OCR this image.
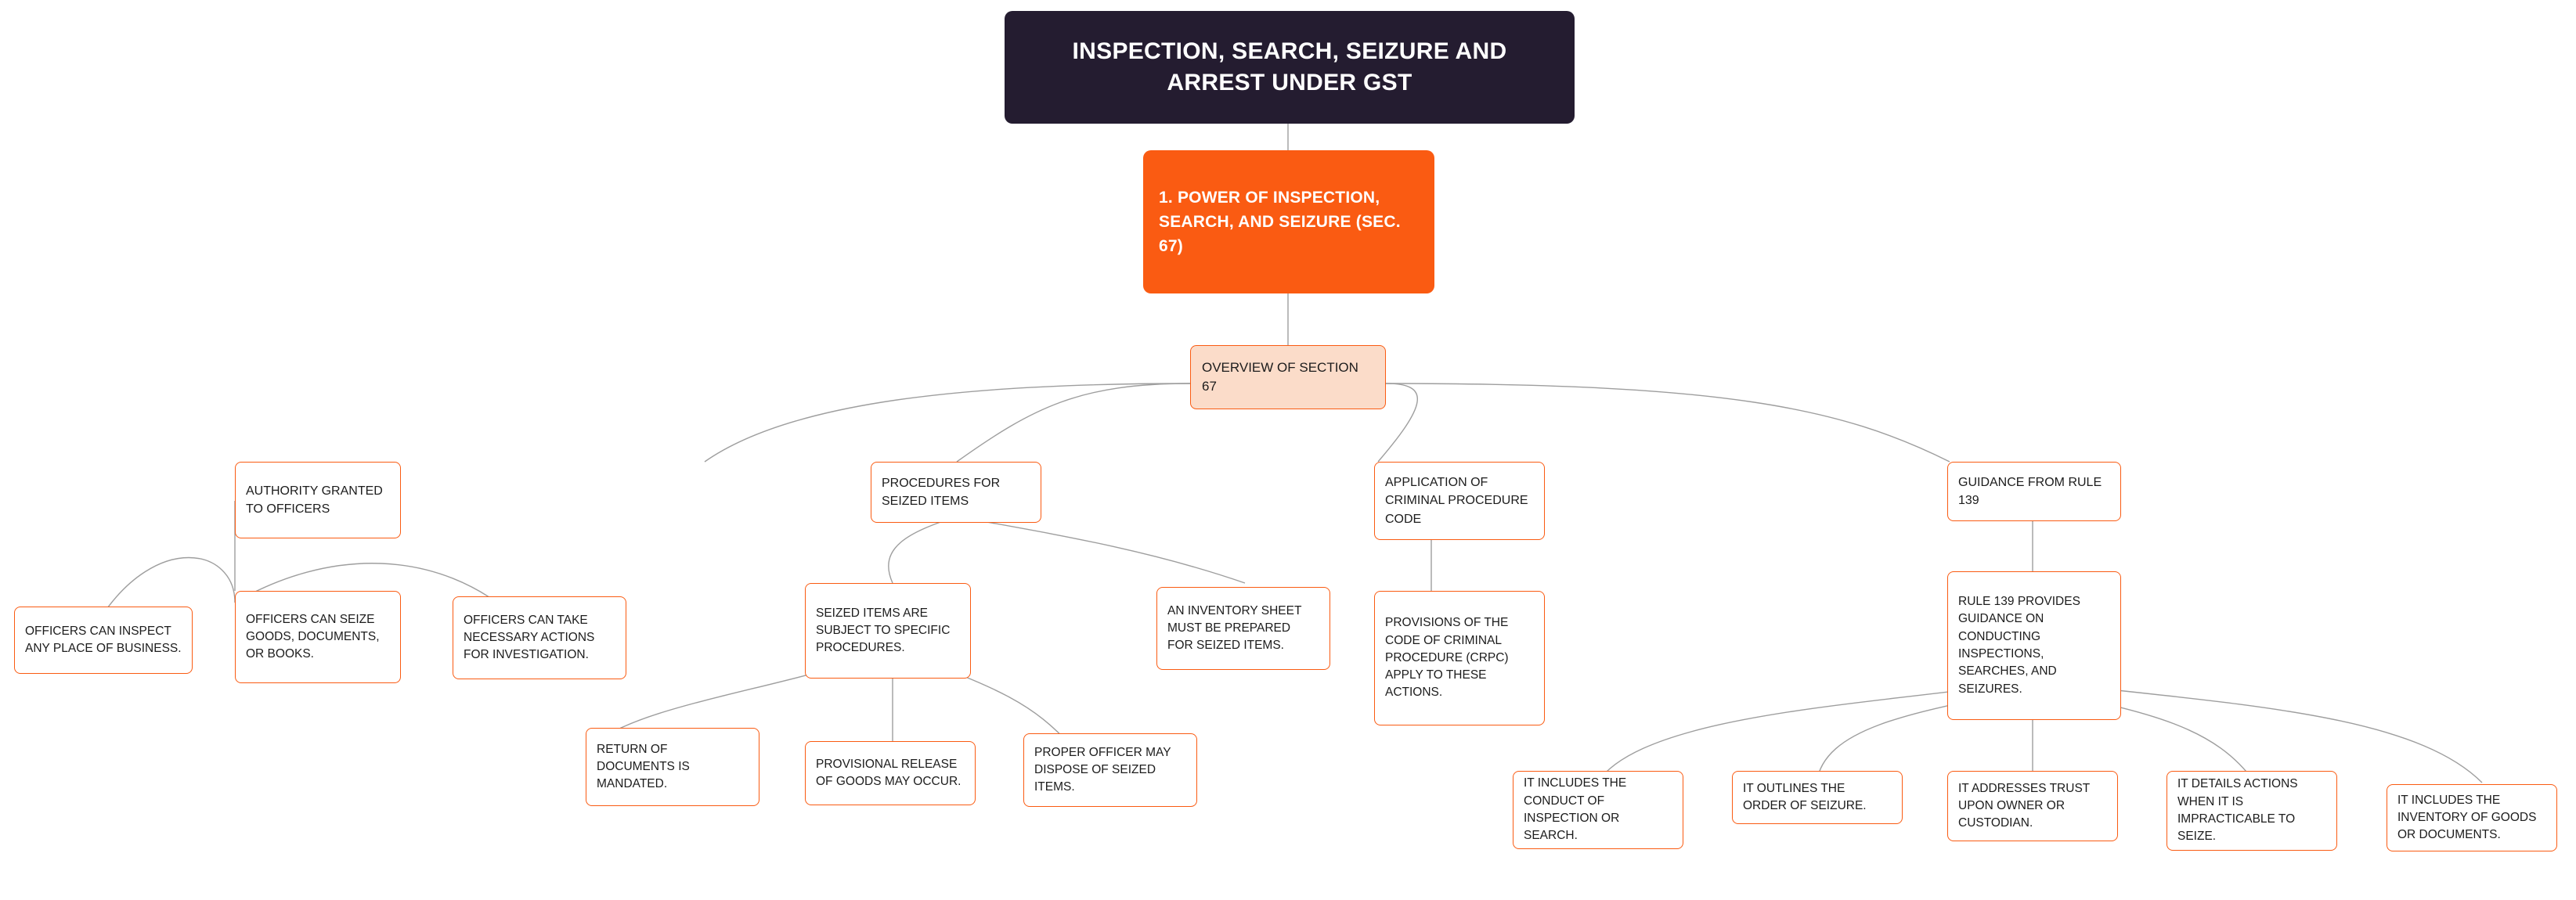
INSPECTION, SEARCH, SEIZURE AND ARREST UNDER GST
1. POWER OF INSPECTION, SEARCH, AND SEIZURE (SEC. 67)
OVERVIEW OF SECTION 67
AUTHORITY GRANTED TO OFFICERS
OFFICERS CAN INSPECT ANY PLACE OF BUSINESS.
OFFICERS CAN SEIZE GOODS, DOCUMENTS, OR BOOKS.
OFFICERS CAN TAKE NECESSARY ACTIONS FOR INVESTIGATION.
PROCEDURES FOR SEIZED ITEMS
SEIZED ITEMS ARE SUBJECT TO SPECIFIC PROCEDURES.
RETURN OF DOCUMENTS IS MANDATED.
PROVISIONAL RELEASE OF GOODS MAY OCCUR.
PROPER OFFICER MAY DISPOSE OF SEIZED ITEMS.
AN INVENTORY SHEET MUST BE PREPARED FOR SEIZED ITEMS.
APPLICATION OF CRIMINAL PROCEDURE CODE
PROVISIONS OF THE CODE OF CRIMINAL PROCEDURE (CRPC) APPLY TO THESE ACTIONS.
GUIDANCE FROM RULE 139
RULE 139 PROVIDES GUIDANCE ON CONDUCTING INSPECTIONS, SEARCHES, AND SEIZURES.
IT INCLUDES THE CONDUCT OF INSPECTION OR SEARCH.
IT OUTLINES THE ORDER OF SEIZURE.
IT ADDRESSES TRUST UPON OWNER OR CUSTODIAN.
IT DETAILS ACTIONS WHEN IT IS IMPRACTICABLE TO SEIZE.
IT INCLUDES THE INVENTORY OF GOODS OR DOCUMENTS.
